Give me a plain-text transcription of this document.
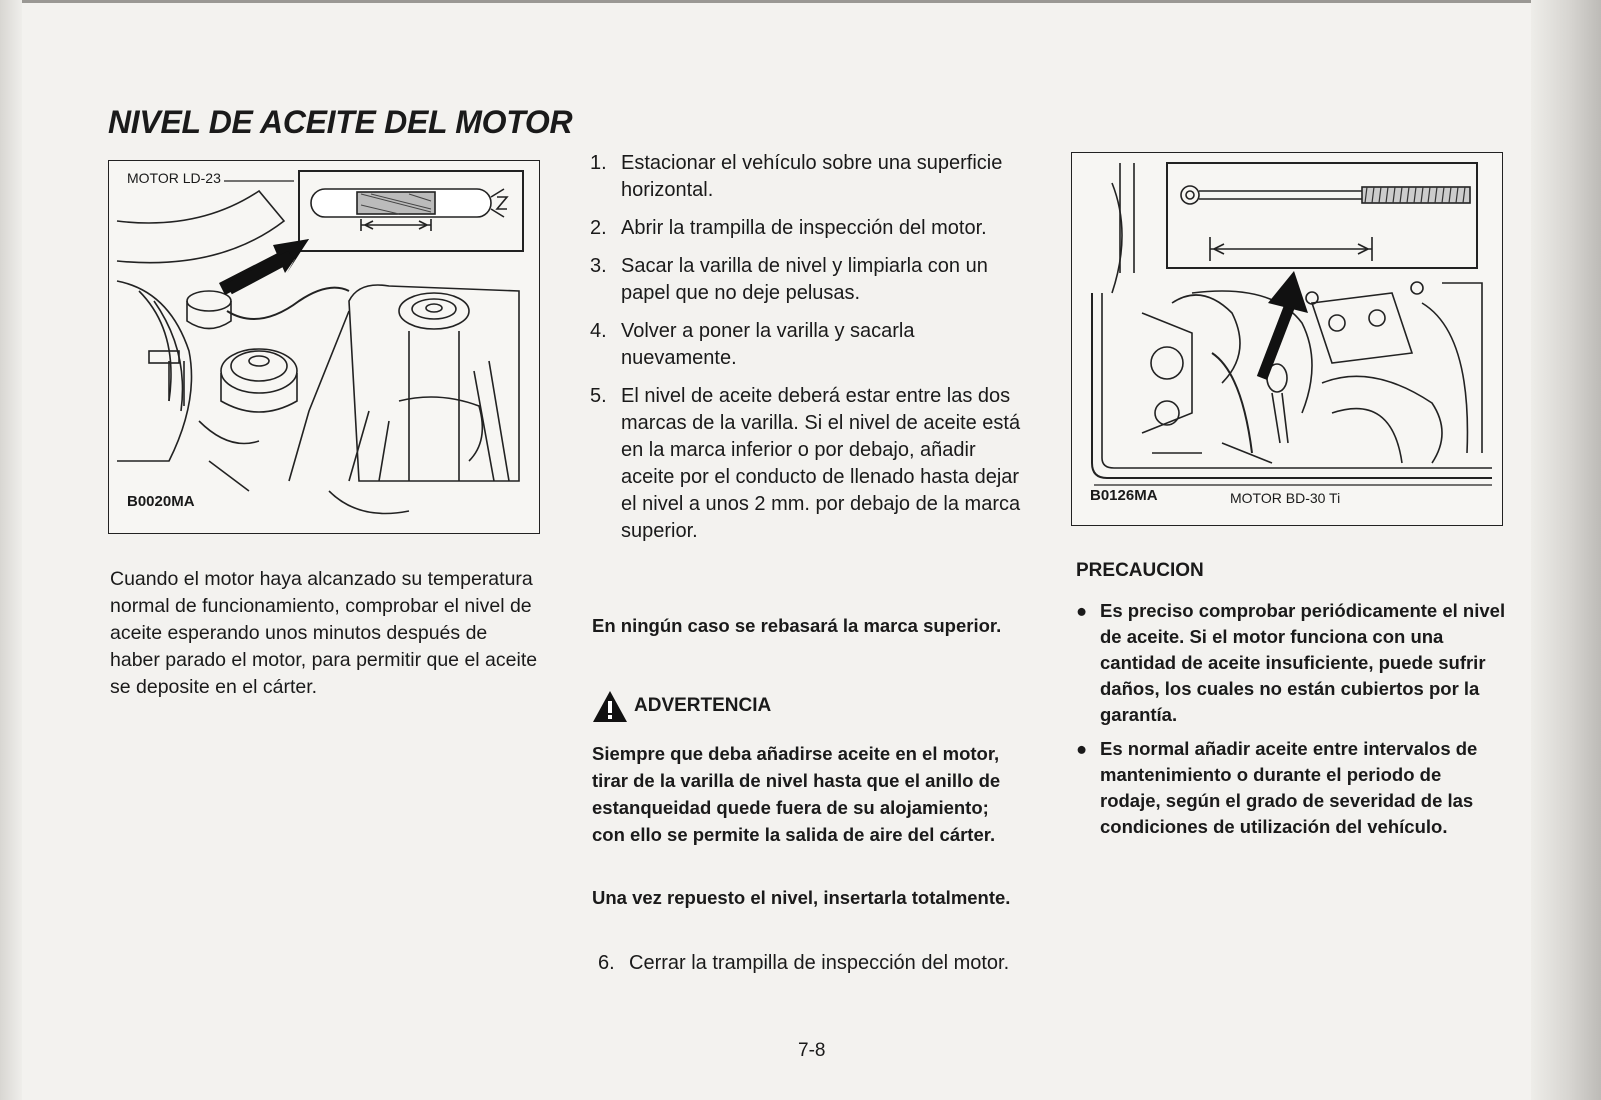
NIVEL DE ACEITE DEL MOTOR
MOTOR LD-23
B0020MA	B0126MA	MOTOR BD-30 Ti

Cuando el motor haya alcanzado su temperatura normal de funcionamiento, comprobar el nivel de aceite esperando unos minutos después de haber parado el motor, para permitir que el aceite se deposite en el cárter.

1. Estacionar el vehículo sobre una superficie horizontal.
2. Abrir la trampilla de inspección del motor.
3. Sacar la varilla de nivel y limpiarla con un papel que no deje pelusas.
4. Volver a poner la varilla y sacarla nuevamente.
5. El nivel de aceite deberá estar entre las dos marcas de la varilla. Si el nivel de aceite está en la marca inferior o por debajo, añadir aceite por el conducto de llenado hasta dejar el nivel a unos 2 mm. por debajo de la marca superior.

En ningún caso se rebasará la marca superior.

ADVERTENCIA

Siempre que deba añadirse aceite en el motor, tirar de la varilla de nivel hasta que el anillo de estanqueidad quede fuera de su alojamiento; con ello se permite la salida de aire del cárter.

Una vez repuesto el nivel, insertarla totalmente.

6. Cerrar la trampilla de inspección del motor.
PRECAUCION
● Es preciso comprobar periódicamente el nivel de aceite. Si el motor funciona con una cantidad de aceite insuficiente, puede sufrir daños, los cuales no están cubiertos por la garantía.
● Es normal añadir aceite entre intervalos de mantenimiento o durante el periodo de rodaje, según el grado de severidad de las condiciones de utilización del vehículo.
7-8
